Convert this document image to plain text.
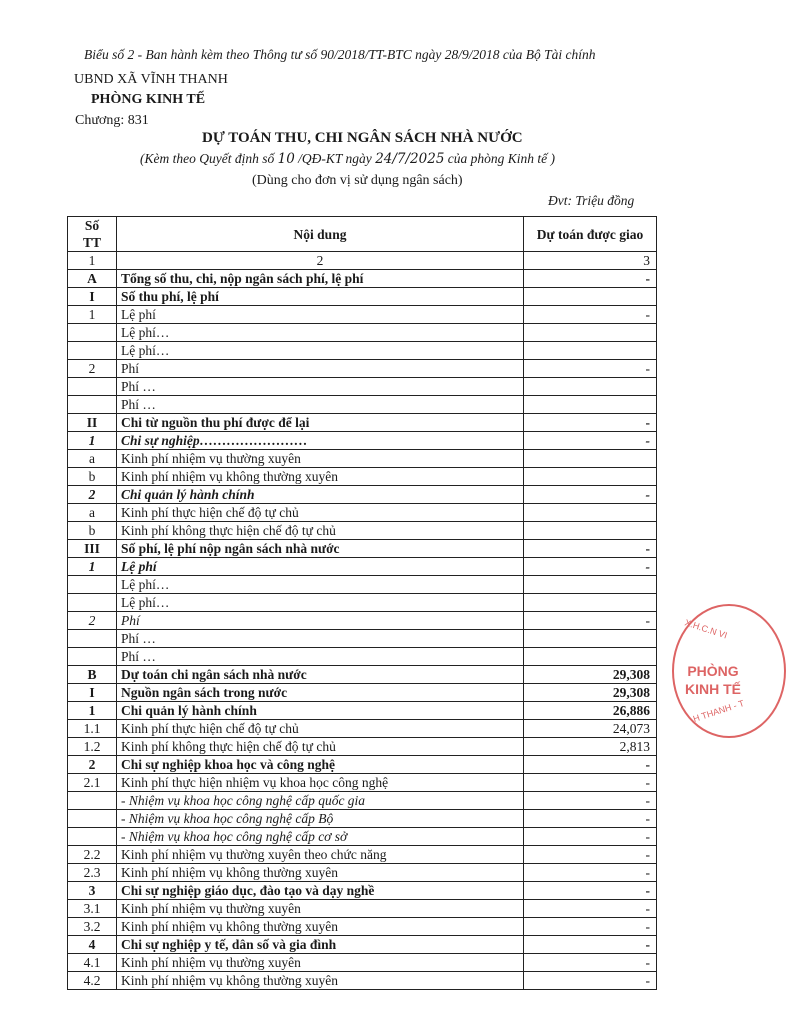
Biểu số 2 - Ban hành kèm theo Thông tư số 90/2018/TT-BTC ngày 28/9/2018 của Bộ Tài chính
UBND XÃ VĨNH THANH
PHÒNG KINH TẾ
Chương: 831
DỰ TOÁN THU, CHI NGÂN SÁCH NHÀ NƯỚC
(Kèm theo Quyết định số 10 /QĐ-KT ngày 24/7/2025 của phòng Kinh tế )
(Dùng cho đơn vị sử dụng ngân sách)
Đvt: Triệu đồng
Số TT	Nội dung	Dự toán được giao
1	2	3
A	Tổng số thu, chi, nộp ngân sách phí, lệ phí	-
I	Số thu phí, lệ phí	
1	Lệ phí	-
	Lệ phí…	
	Lệ phí…	
2	Phí	-
	Phí …	
	Phí …	
II	Chi từ nguồn thu phí được để lại	-
1	Chi sự nghiệp……………………	-
a	Kinh phí nhiệm vụ thường xuyên	
b	Kinh phí nhiệm vụ không thường xuyên	
2	Chi quản lý hành chính	-
a	Kinh phí thực hiện chế độ tự chủ	
b	Kinh phí không thực hiện chế độ tự chủ	
III	Số phí, lệ phí nộp ngân sách nhà nước	-
1	Lệ phí	-
	Lệ phí…	
	Lệ phí…	
2	Phí	-
	Phí …	
	Phí …	
B	Dự toán chi ngân sách nhà nước	29,308
I	Nguồn ngân sách trong nước	29,308
1	Chi quản lý hành chính	26,886
1.1	Kinh phí thực hiện chế độ tự chủ	24,073
1.2	Kinh phí không thực hiện chế độ tự chủ	2,813
2	Chi sự nghiệp khoa học và công nghệ	-
2.1	Kinh phí thực hiện nhiệm vụ khoa học công nghệ	-
	- Nhiệm vụ khoa học công nghệ cấp quốc gia	-
	- Nhiệm vụ khoa học công nghệ cấp Bộ	-
	- Nhiệm vụ khoa học công nghệ cấp cơ sở	-
2.2	Kinh phí nhiệm vụ thường xuyên theo chức năng	-
2.3	Kinh phí nhiệm vụ không thường xuyên	-
3	Chi sự nghiệp giáo dục, đào tạo và dạy nghề	-
3.1	Kinh phí nhiệm vụ thường xuyên	-
3.2	Kinh phí nhiệm vụ không thường xuyên	-
4	Chi sự nghiệp y tế, dân số và gia đình	-
4.1	Kinh phí nhiệm vụ thường xuyên	-
4.2	Kinh phí nhiệm vụ không thường xuyên	-
X.H.C.N VI
PHÒNG
KINH TẾ
H THANH - T
